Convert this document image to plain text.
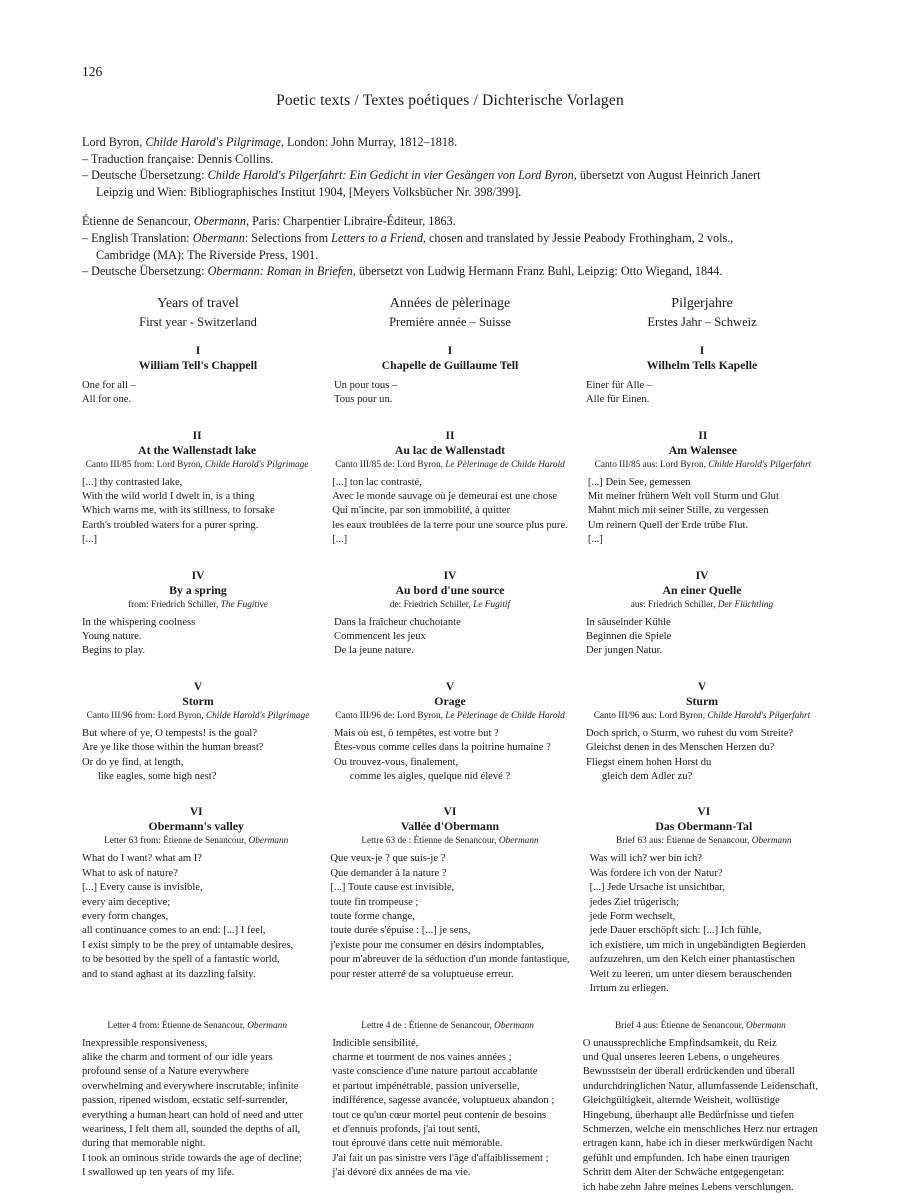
126
Poetic texts / Textes poétiques / Dichterische Vorlagen
Lord Byron, Childe Harold's Pilgrimage, London: John Murray, 1812–1818.
– Traduction française: Dennis Collins.
– Deutsche Übersetzung: Childe Harold's Pilgerfahrt: Ein Gedicht in vier Gesängen von Lord Byron, übersetzt von August Heinrich Janert
Leipzig und Wien: Bibliographisches Institut 1904, [Meyers Volksbücher Nr. 398/399].
Étienne de Senancour, Obermann, Paris: Charpentier Libraire-Éditeur, 1863.
– English Translation: Obermann: Selections from Letters to a Friend, chosen and translated by Jessie Peabody Frothingham, 2 vols.,
Cambridge (MA): The Riverside Press, 1901.
– Deutsche Übersetzung: Obermann: Roman in Briefen, übersetzt von Ludwig Hermann Franz Buhl, Leipzig: Otto Wiegand, 1844.
Years of travel
First year - Switzerland
Années de pèlerinage
Première année – Suisse
Pilgerjahre
Erstes Jahr – Schweiz
I
William Tell's Chappell
One for all –
All for one.
I
Chapelle de Guillaume Tell
Un pour tous –
Tous pour un.
I
Wilhelm Tells Kapelle
Einer für Alle –
Alle für Einen.
II
At the Wallenstadt lake
Canto III/85 from: Lord Byron, Childe Harold's Pilgrimage
[...] thy contrasted lake,
With the wild world I dwelt in, is a thing
Which warns me, with its stillness, to forsake
Earth's troubled waters for a purer spring.
[...]
II
Au lac de Wallenstadt
Canto III/85 de: Lord Byron, Le Pèlerinage de Childe Harold
[...] ton lac contrasté,
Avec le monde sauvage où je demeurai est une chose
Qui m'incite, par son immobilité, à quitter
les eaux troublées de la terre pour une source plus pure.
[...]
II
Am Walensee
Canto III/85 aus: Lord Byron, Childe Harold's Pilgerfahrt
[...] Dein See, gemessen
Mit meiner frühern Welt voll Sturm und Glut
Mahnt mich mit seiner Stille, zu vergessen
Um reinern Quell der Erde trübe Flut.
[...]
IV
By a spring
from: Friedrich Schiller, The Fugitive
In the whispering coolness
Young nature.
Begins to play.
IV
Au bord d'une source
de: Friedrich Schiller, Le Fugitif
Dans la fraîcheur chuchotante
Commencent les jeux
De la jeune nature.
IV
An einer Quelle
aus: Friedrich Schiller, Der Flüchtling
In säuselnder Kühle
Beginnen die Spiele
Der jungen Natur.
V
Storm
Canto III/96 from: Lord Byron, Childe Harold's Pilgrimage
But where of ye, O tempests! is the goal?
Are ye like those within the human breast?
Or do ye find, at length,
like eagles, some high nest?
V
Orage
Canto III/96 de: Lord Byron, Le Pèlerinage de Childe Harold
Mais où est, ô tempêtes, est votre but ?
Êtes-vous comme celles dans la poitrine humaine ?
Ou trouvez-vous, finalement,
comme les aigles, quelque nid élevé ?
V
Sturm
Canto III/96 aus: Lord Byron, Childe Harold's Pilgerfahrt
Doch sprich, o Sturm, wo ruhest du vom Streite?
Gleichst denen in des Menschen Herzen du?
Fliegst einem hohen Horst du
gleich dem Adler zu?
VI
Obermann's valley
Letter 63 from: Étienne de Senancour, Obermann
What do I want? what am I?
What to ask of nature?
[...] Every cause is invisible,
every aim deceptive;
every form changes,
all continuance comes to an end: [...] I feel,
I exist simply to be the prey of untamable desires,
to be besotted by the spell of a fantastic world,
and to stand aghast at its dazzling falsity.
VI
Vallée d'Obermann
Lettre 63 de : Étienne de Senancour, Obermann
Que veux-je ? que suis-je ?
Que demander à la nature ?
[...] Toute cause est invisible,
toute fin trompeuse ;
toute forme change,
toute durée s'épuise : [...] je sens,
j'existe pour me consumer en désirs indomptables,
pour m'abreuver de la séduction d'un monde fantastique,
pour rester atterré de sa voluptueuse erreur.
VI
Das Obermann-Tal
Brief 63 aus: Étienne de Senancour, Obermann
Was will ich? wer bin ich?
Was fordere ich von der Natur?
[...] Jede Ursache ist unsichtbar,
jedes Ziel trügerisch;
jede Form wechselt,
jede Dauer erschöpft sich: [...] Ich fühle,
ich existiere, um mich in ungebändigten Begierden
aufzuzehren, um den Kelch einer phantastischen
Welt zu leeren, um unter diesem berauschenden
Irrtum zu erliegen.
Letter 4 from: Étienne de Senancour, Obermann
Inexpressible responsiveness,
alike the charm and torment of our idle years
profound sense of a Nature everywhere
overwhelming and everywhere inscrutable; infinite
passion, ripened wisdom, ecstatic self-surrender,
everything a human heart can hold of need and utter
weariness, I felt them all, sounded the depths of all,
during that memorable night.
I took an ominous stride towards the age of decline;
I swallowed up ten years of my life.
Lettre 4 de : Étienne de Senancour, Obermann
Indicible sensibilité,
charme et tourment de nos vaines années ;
vaste conscience d'une nature partout accablante
et partout impénétrable, passion universelle,
indifférence, sagesse avancée, voluptueux abandon ;
tout ce qu'un cœur mortel peut contenir de besoins
et d'ennuis profonds, j'ai tout senti,
tout éprouvé dans cette nuit mémorable.
J'ai fait un pas sinistre vers l'âge d'affaiblissement ;
j'ai dévoré dix années de ma vie.
Brief 4 aus: Étienne de Senancour, Obermann
O unaussprechliche Empfindsamkeit, du Reiz
und Qual unseres leeren Lebens, o ungeheures
Bewusstsein der überall erdrückenden und überall
undurchdringlichen Natur, allumfassende Leidenschaft,
Gleichgültigkeit, alternde Weisheit, wollüstige
Hingebung, überhaupt alle Bedürfnisse und tiefen
Schmerzen, welche ein menschliches Herz nur ertragen
ertragen kann, habe ich in dieser merkwürdigen Nacht
gefühlt und empfunden. Ich habe einen traurigen
Schritt dem Alter der Schwäche entgegengetan:
ich habe zehn Jahre meines Lebens verschlungen.
